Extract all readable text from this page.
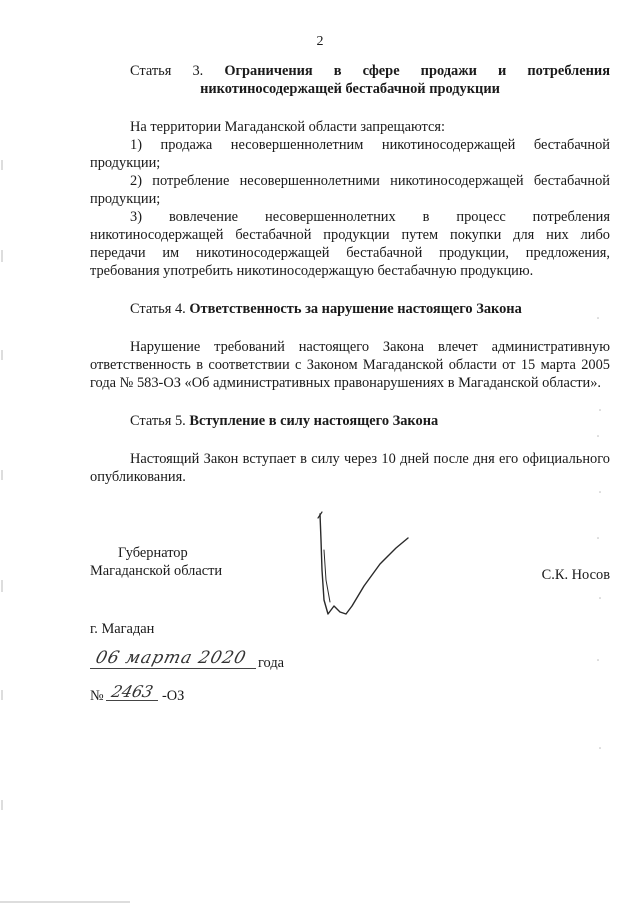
2

Статья 3. Ограничения в сфере продажи и потребления никотиносодержащей бестабачной продукции

На территории Магаданской области запрещаются:

1) продажа несовершеннолетним никотиносодержащей бестабачной продукции;

2) потребление несовершеннолетними никотиносодержащей бестабачной продукции;

3) вовлечение несовершеннолетних в процесс потребления никотиносодержащей бестабачной продукции путем покупки для них либо передачи им никотиносодержащей бестабачной продукции, предложения, требования употребить никотиносодержащую бестабачную продукцию.

Статья 4. Ответственность за нарушение настоящего Закона

Нарушение требований настоящего Закона влечет административную ответственность в соответствии с Законом Магаданской области от 15 марта 2005 года № 583-ОЗ «Об административных правонарушениях в Магаданской области».

Статья 5. Вступление в силу настоящего Закона

Настоящий Закон вступает в силу через 10 дней после дня его официального опубликования.

Губернатор
Магаданской области	С.К. Носов
г. Магадан
06 марта 2020 года
№ 2463 -ОЗ
